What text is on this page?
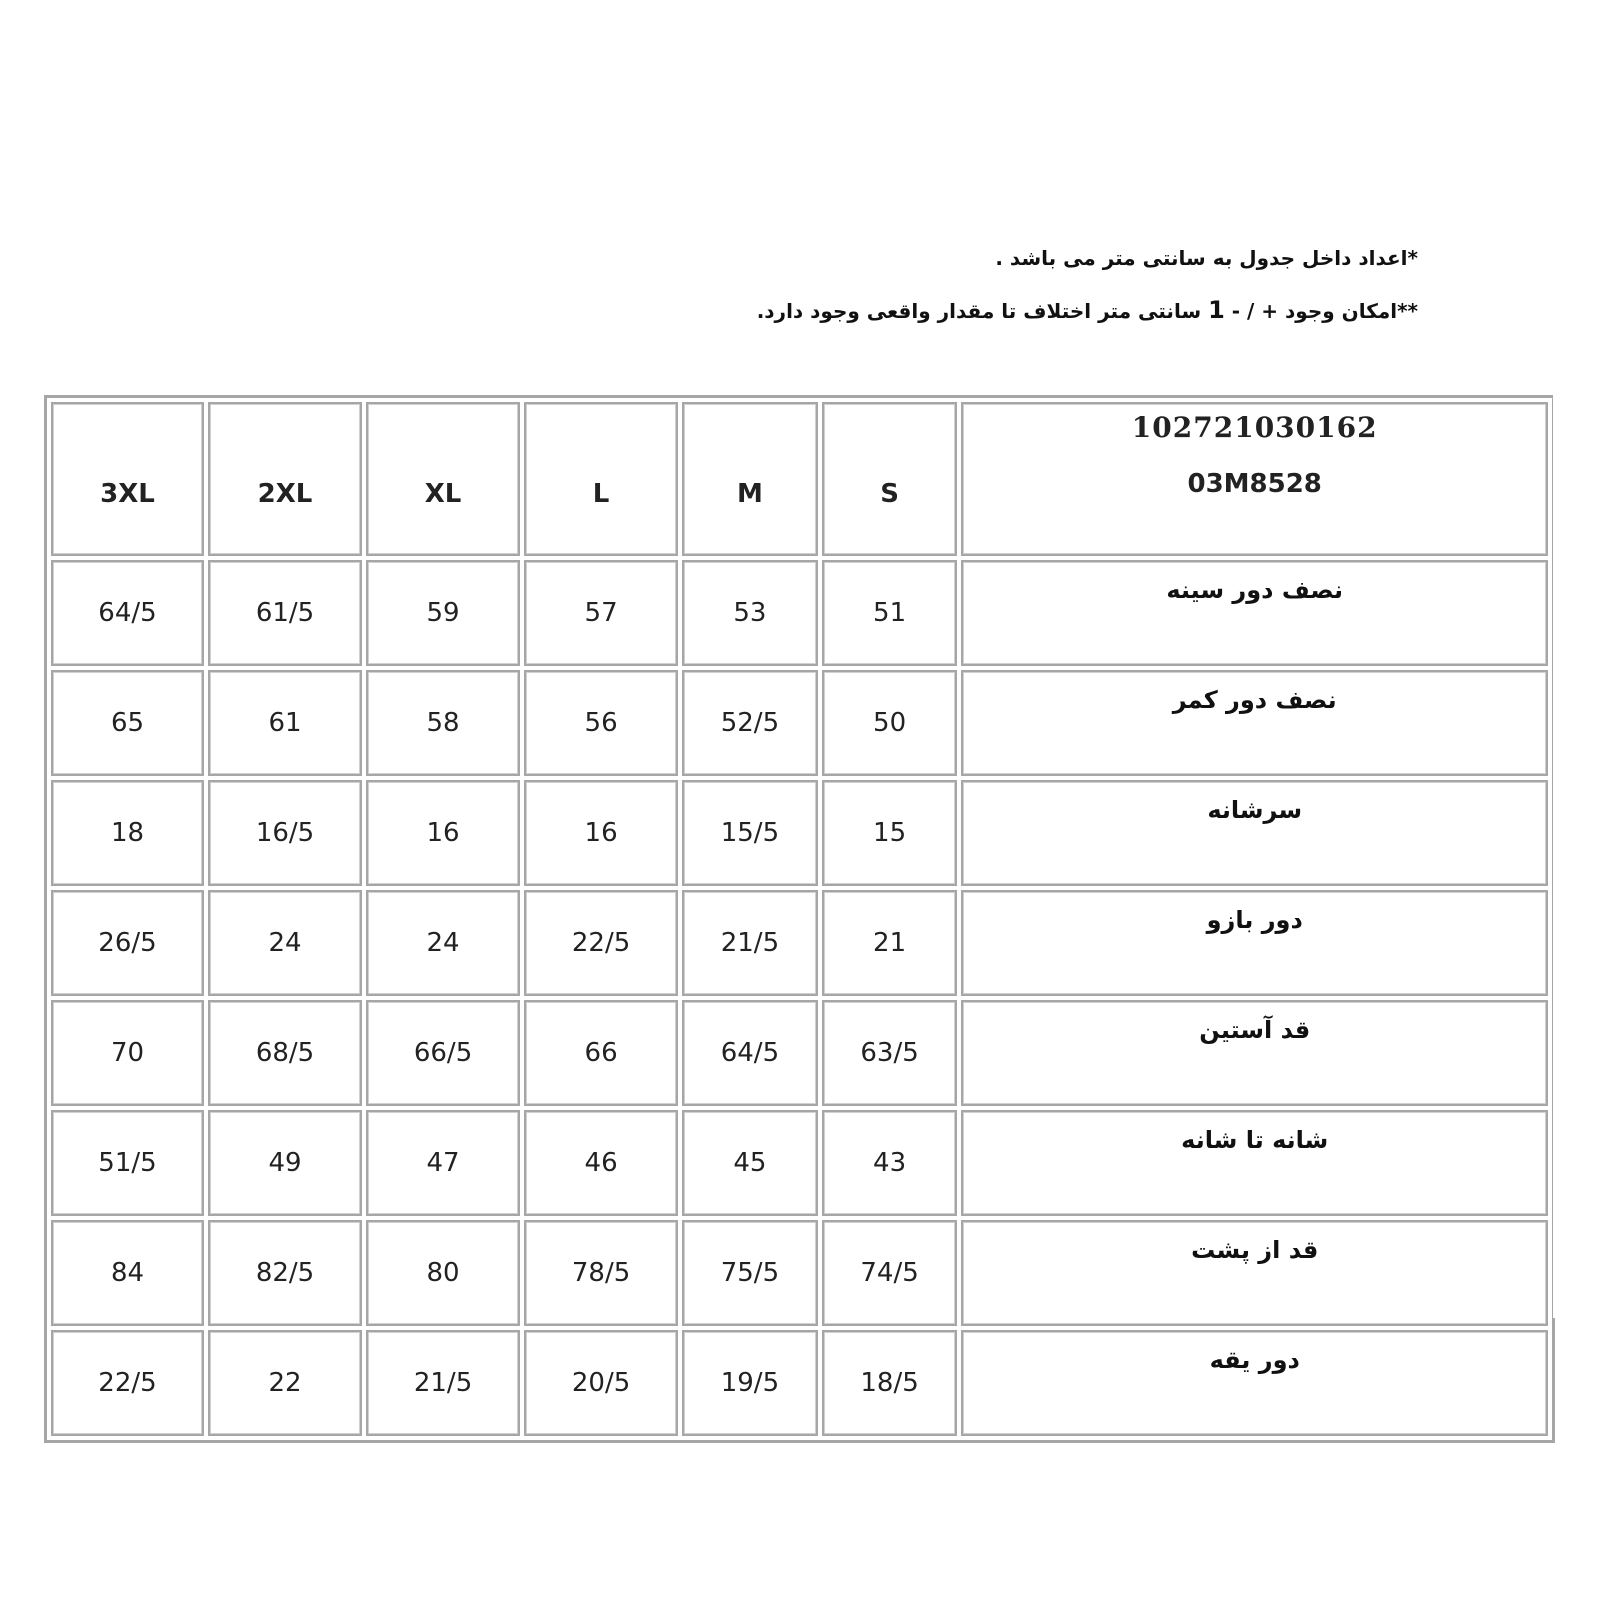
*اعداد داخل جدول به سانتی متر می باشد .
**امکان وجود + / - 1 سانتی متر اختلاف تا مقدار واقعی وجود دارد.
3XL	2XL	XL	L	M	S	102721030162
03M8528

64/5	61/5	59	57	53	51	نصف دور سینه
65	61	58	56	52/5	50	نصف دور کمر
18	16/5	16	16	15/5	15	سرشانه
26/5	24	24	22/5	21/5	21	دور بازو
70	68/5	66/5	66	64/5	63/5	قد آستین
51/5	49	47	46	45	43	شانه تا شانه
84	82/5	80	78/5	75/5	74/5	قد از پشت
22/5	22	21/5	20/5	19/5	18/5	دور یقه
